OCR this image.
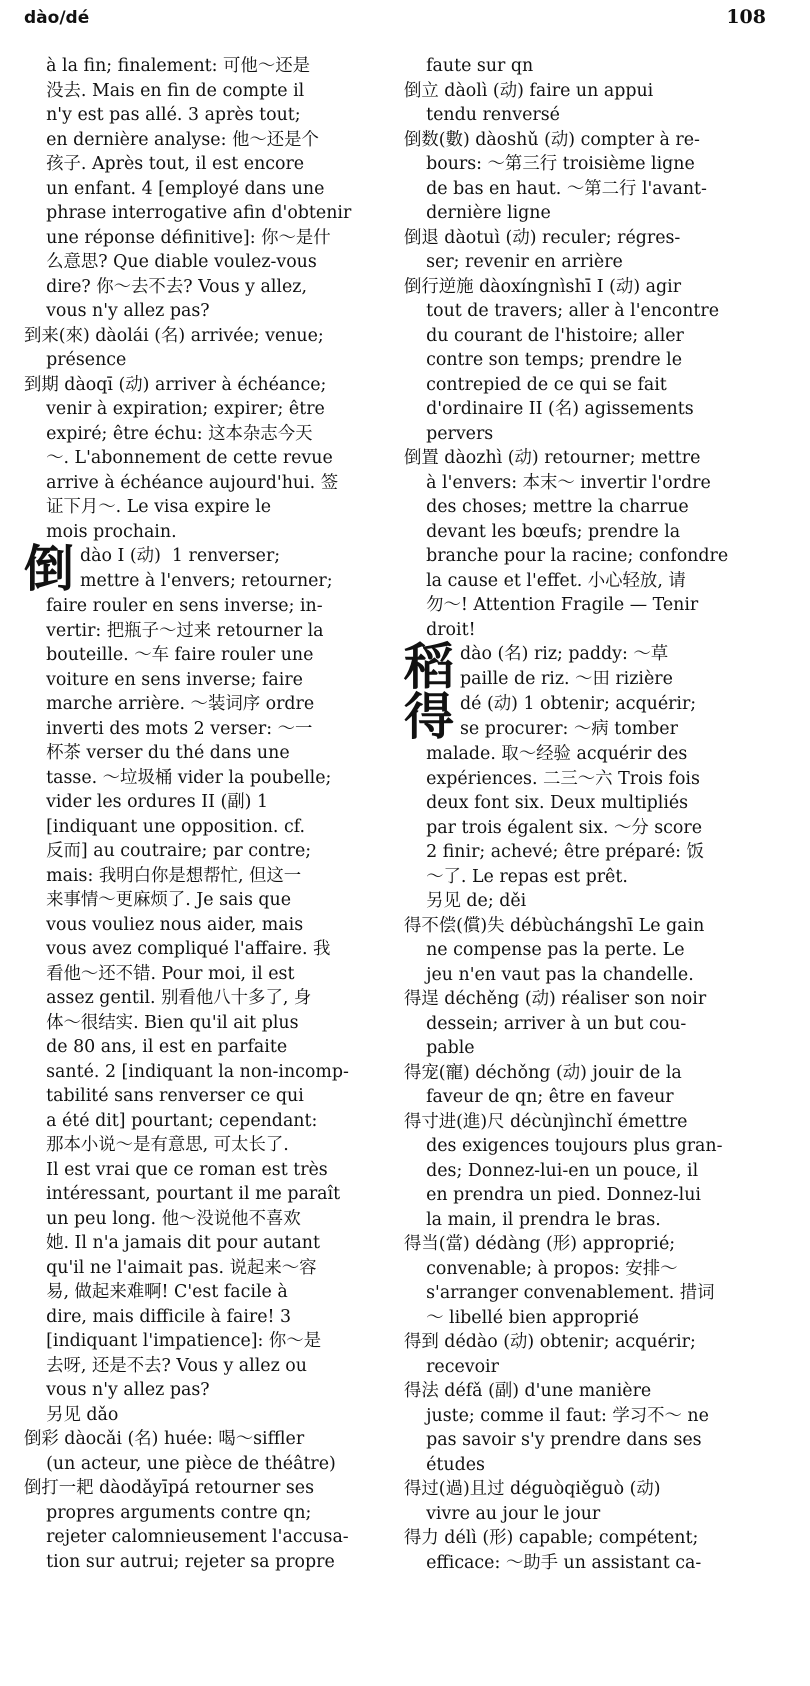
dào/dé	108
à la fin; finalement: 可他～还是
没去. Mais en fin de compte il
n'y est pas allé. 3 après tout;
en dernière analyse: 他～还是个
孩子. Après tout, il est encore
un enfant. 4 [employé dans une
phrase interrogative afin d'obtenir
une réponse définitive]: 你～是什
么意思? Que diable voulez-vous
dire? 你～去不去? Vous y allez,
vous n'y allez pas?
到来(來) dàolái (名) arrivée; venue;
présence
到期 dàoqī (动) arriver à échéance;
venir à expiration; expirer; être
expiré; être échu: 这本杂志今天
～. L'abonnement de cette revue
arrive à échéance aujourd'hui. 签
证下月～. Le visa expire le
mois prochain.
倒 dào I (动)  1 renverser;
mettre à l'envers; retourner;
faire rouler en sens inverse; in-
vertir: 把瓶子～过来 retourner la
bouteille. ～车 faire rouler une
voiture en sens inverse; faire
marche arrière. ～装词序 ordre
inverti des mots 2 verser: ～一
杯茶 verser du thé dans une
tasse. ～垃圾桶 vider la poubelle;
vider les ordures II (副) 1
[indiquant une opposition. cf.
反而] au coutraire; par contre;
mais: 我明白你是想帮忙, 但这一
来事情～更麻烦了. Je sais que
vous vouliez nous aider, mais
vous avez compliqué l'affaire. 我
看他～还不错. Pour moi, il est
assez gentil. 别看他八十多了, 身
体～很结实. Bien qu'il ait plus
de 80 ans, il est en parfaite
santé. 2 [indiquant la non-incomp-
tabilité sans renverser ce qui
a été dit] pourtant; cependant:
那本小说～是有意思, 可太长了.
Il est vrai que ce roman est très
intéressant, pourtant il me paraît
un peu long. 他～没说他不喜欢
她. Il n'a jamais dit pour autant
qu'il ne l'aimait pas. 说起来～容
易, 做起来难啊! C'est facile à
dire, mais difficile à faire! 3
[indiquant l'impatience]: 你～是
去呀, 还是不去? Vous y allez ou
vous n'y allez pas?
另见 dǎo
倒彩 dàocǎi (名) huée: 喝～siffler
(un acteur, une pièce de théâtre)
倒打一耙 dàodǎyīpá retourner ses
propres arguments contre qn;
rejeter calomnieusement l'accusa-
tion sur autrui; rejeter sa propre
faute sur qn
倒立 dàolì (动) faire un appui
tendu renversé
倒数(數) dàoshǔ (动) compter à re-
bours: ～第三行 troisième ligne
de bas en haut. ～第二行 l'avant-
dernière ligne
倒退 dàotuì (动) reculer; régres-
ser; revenir en arrière
倒行逆施 dàoxíngnìshī I (动) agir
tout de travers; aller à l'encontre
du courant de l'histoire; aller
contre son temps; prendre le
contrepied de ce qui se fait
d'ordinaire II (名) agissements
pervers
倒置 dàozhì (动) retourner; mettre
à l'envers: 本末～ invertir l'ordre
des choses; mettre la charrue
devant les bœufs; prendre la
branche pour la racine; confondre
la cause et l'effet. 小心轻放, 请
勿～! Attention Fragile — Tenir
droit!
稻 dào (名) riz; paddy: ～草
paille de riz. ～田 rizière
得 dé (动) 1 obtenir; acquérir;
se procurer: ～病 tomber
malade. 取～经验 acquérir des
expériences. 二三～六 Trois fois
deux font six. Deux multipliés
par trois égalent six. ～分 score
2 finir; achevé; être préparé: 饭
～了. Le repas est prêt.
另见 de; děi
得不偿(償)失 débùchángshī Le gain
ne compense pas la perte. Le
jeu n'en vaut pas la chandelle.
得逞 déchěng (动) réaliser son noir
dessein; arriver à un but cou-
pable
得宠(寵) déchǒng (动) jouir de la
faveur de qn; être en faveur
得寸进(進)尺 décùnjìnchǐ émettre
des exigences toujours plus gran-
des; Donnez-lui-en un pouce, il
en prendra un pied. Donnez-lui
la main, il prendra le bras.
得当(當) dédàng (形) approprié;
convenable; à propos: 安排～
s'arranger convenablement. 措词
～ libellé bien approprié
得到 dédào (动) obtenir; acquérir;
recevoir
得法 défǎ (副) d'une manière
juste; comme il faut: 学习不～ ne
pas savoir s'y prendre dans ses
études
得过(過)且过 déguòqiěguò (动)
vivre au jour le jour
得力 délì (形) capable; compétent;
efficace: ～助手 un assistant ca-
